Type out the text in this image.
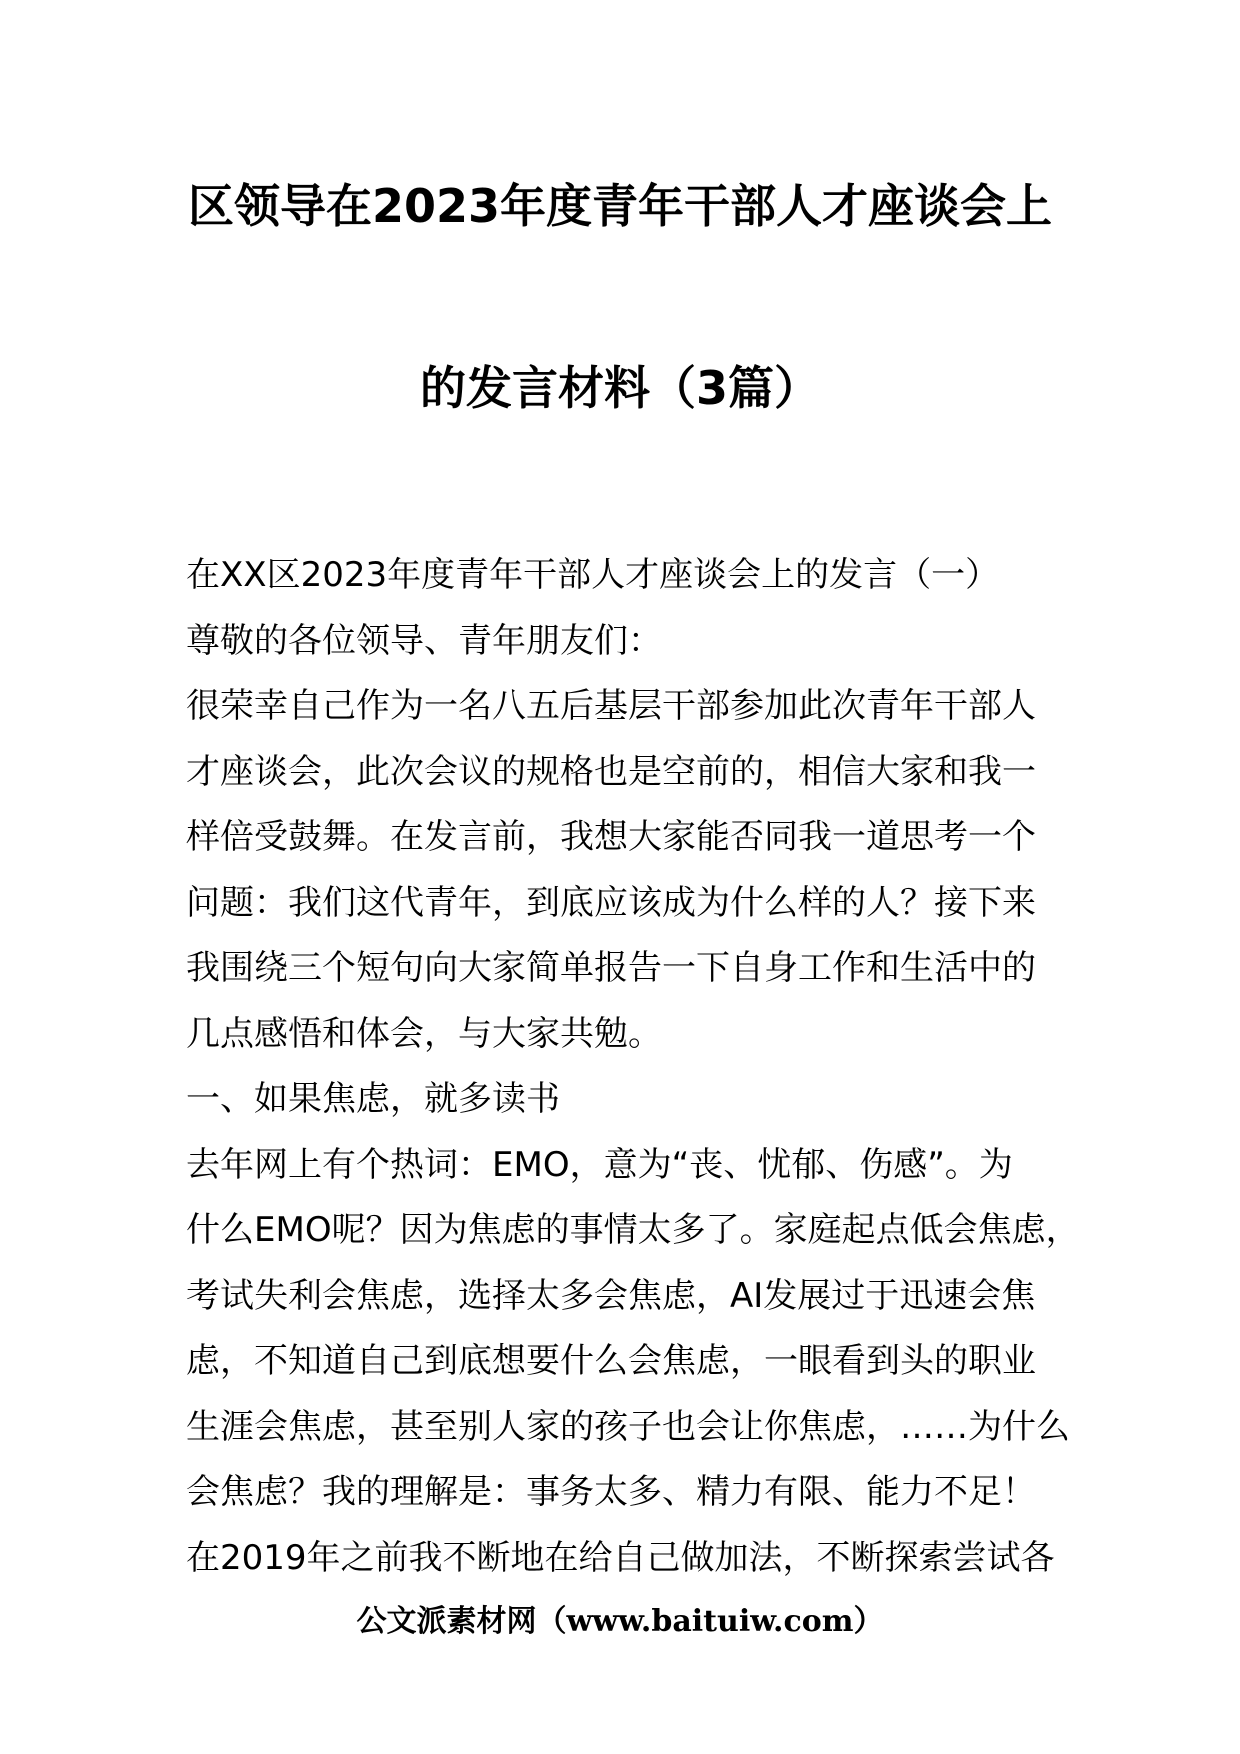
区领导在2023年度青年干部人才座谈会上
的发言材料（3篇）

在XX区2023年度青年干部人才座谈会上的发言（一）

尊敬的各位领导、青年朋友们：

很荣幸自己作为一名八五后基层干部参加此次青年干部人

才座谈会，此次会议的规格也是空前的，相信大家和我一

样倍受鼓舞。在发言前，我想大家能否同我一道思考一个

问题：我们这代青年，到底应该成为什么样的人？接下来

我围绕三个短句向大家简单报告一下自身工作和生活中的

几点感悟和体会，与大家共勉。

一、如果焦虑，就多读书

去年网上有个热词：EMO，意为“丧、忧郁、伤感”。为

什么EMO呢？因为焦虑的事情太多了。家庭起点低会焦虑，

考试失利会焦虑，选择太多会焦虑，AI发展过于迅速会焦

虑，不知道自己到底想要什么会焦虑，一眼看到头的职业

生涯会焦虑，甚至别人家的孩子也会让你焦虑，……为什么

会焦虑？我的理解是：事务太多、精力有限、能力不足！

在2019年之前我不断地在给自己做加法，不断探索尝试各

公文派素材网（www.baituiw.com）
